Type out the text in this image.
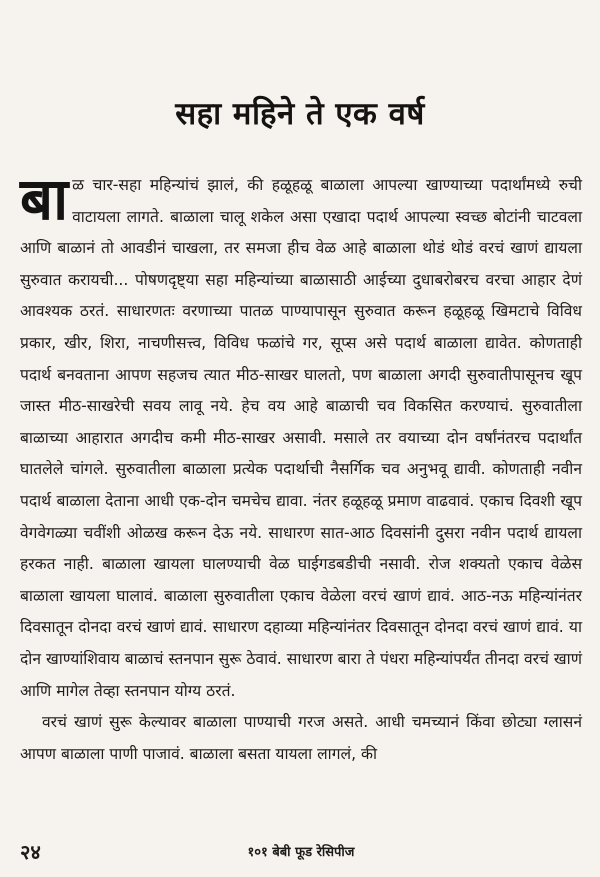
सहा महिने ते एक वर्ष

बाळ चार-सहा महिन्यांचं झालं, की हळूहळू बाळाला आपल्या खाण्याच्या पदार्थांमध्ये रुची वाटायला लागते. बाळाला चालू शकेल असा एखादा पदार्थ आपल्या स्वच्छ बोटांनी चाटवला आणि बाळानं तो आवडीनं चाखला, तर समजा हीच वेळ आहे बाळाला थोडं थोडं वरचं खाणं द्यायला सुरुवात करायची... पोषणदृष्ट्या सहा महिन्यांच्या बाळासाठी आईच्या दुधाबरोबरच वरचा आहार देणं आवश्यक ठरतं. साधारणतः वरणाच्या पातळ पाण्यापासून सुरुवात करून हळूहळू खिमटाचे विविध प्रकार, खीर, शिरा, नाचणीसत्त्व, विविध फळांचे गर, सूप्स असे पदार्थ बाळाला द्यावेत. कोणताही पदार्थ बनवताना आपण सहजच त्यात मीठ-साखर घालतो, पण बाळाला अगदी सुरुवातीपासूनच खूप जास्त मीठ-साखरेची सवय लावू नये. हेच वय आहे बाळाची चव विकसित करण्याचं. सुरुवातीला बाळाच्या आहारात अगदीच कमी मीठ-साखर असावी. मसाले तर वयाच्या दोन वर्षांनंतरच पदार्थांत घातलेले चांगले. सुरुवातीला बाळाला प्रत्येक पदार्थाची नैसर्गिक चव अनुभवू द्यावी. कोणताही नवीन पदार्थ बाळाला देताना आधी एक-दोन चमचेच द्यावा. नंतर हळूहळू प्रमाण वाढवावं. एकाच दिवशी खूप वेगवेगळ्या चवींशी ओळख करून देऊ नये. साधारण सात-आठ दिवसांनी दुसरा नवीन पदार्थ द्यायला हरकत नाही. बाळाला खायला घालण्याची वेळ घाईगडबडीची नसावी. रोज शक्यतो एकाच वेळेस बाळाला खायला घालावं. बाळाला सुरुवातीला एकाच वेळेला वरचं खाणं द्यावं. आठ-नऊ महिन्यांनंतर दिवसातून दोनदा वरचं खाणं द्यावं. साधारण दहाव्या महिन्यांनंतर दिवसातून दोनदा वरचं खाणं द्यावं. या दोन खाण्यांशिवाय बाळाचं स्तनपान सुरू ठेवावं. साधारण बारा ते पंधरा महिन्यांपर्यंत तीनदा वरचं खाणं आणि मागेल तेव्हा स्तनपान योग्य ठरतं.

वरचं खाणं सुरू केल्यावर बाळाला पाण्याची गरज असते. आधी चमच्यानं किंवा छोट्या ग्लासनं आपण बाळाला पाणी पाजावं. बाळाला बसता यायला लागलं, की

२४	१०१ बेबी फूड रेसिपीज
